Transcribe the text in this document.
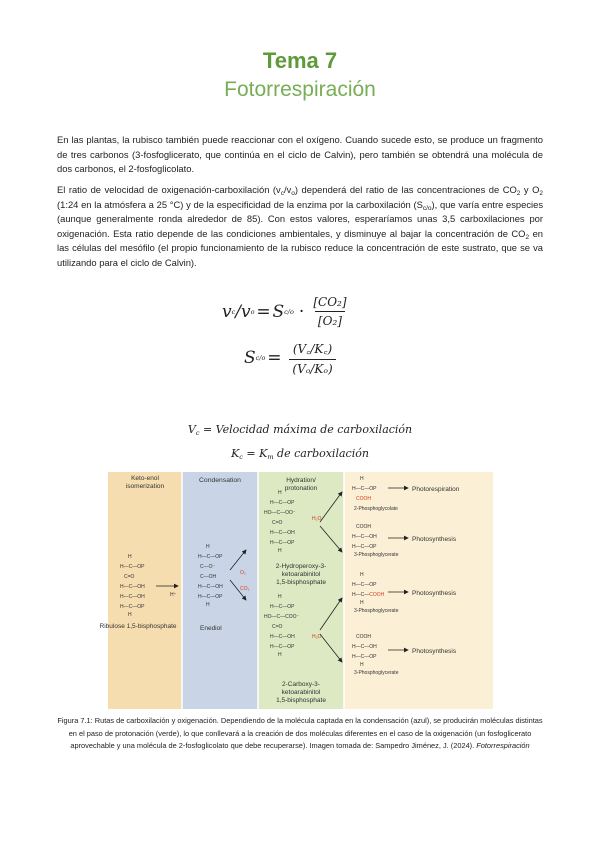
Tema 7
Fotorrespiración
En las plantas, la rubisco también puede reaccionar con el oxígeno. Cuando sucede esto, se produce un fragmento de tres carbonos (3-fosfoglicerato, que continúa en el ciclo de Calvin), pero también se obtendrá una molécula de dos carbonos, el 2-fosfoglicolato.
El ratio de velocidad de oxigenación-carboxilación $(v_c/v_o)$ dependerá del ratio de las concentraciones de $CO_2$ y $O_2$ (1:24 en la atmósfera a 25 °C) y de la especificidad de la enzima por la carboxilación $(S_{c/o})$, que varía entre especies (aunque generalmente ronda alrededor de 85). Con estos valores, esperaríamos unas 3,5 carboxilaciones por oxigenación. Esta ratio depende de las condiciones ambientales, y disminuye al bajar la concentración de $CO_2$ en las células del mesófilo (el propio funcionamiento de la rubisco reduce la concentración de este sustrato, que se va utilizando para el ciclo de Calvin).
v c /v o = S $c/o \cdot \frac{\text{[CO₂]}}{\text{[O₂]}}$
S $c/o = \frac{(V꜀/K꜀)}{\text{(Vₒ/Kₒ)}}$
$V_c$ = Velocidad máxima de carboxilación
$K_c = K_m$ de carboxilación
Keto-enol isomerization
Condensation	Hydration/ protonation
H
H—C—OP
C=O
H—C—OH
H—C—OH
H—C—OP
H
Ribulose 1,5-bisphosphate
H⁺
H
H—C—OP
C—O⁻
C—OH
H—C—OH
H—C—OP
H
Enediol
O₂
CO₂
H
H—C—OP
HO—C—OO⁻
C=O
H—C—OH
H—C—OP
H
2-Hydroperoxy-3-
ketoarabinitol
1,5-bisphosphate
H₂O
H
H—C—OP
HO—C—COO⁻
C=O
H—C—OH
H—C—OP
H
2-Carboxy-3-
ketoarabinitol
1,5-bisphosphate
H₂O
H
H—C—OP
COOH
2-Phosphoglycolate
Photorespiration
COOH
H—C—OH
H—C—OP
3-Phosphoglycerate
Photosynthesis
H
H—C—OP
H—C—COOH
H
3-Phosphoglycerate
Photosynthesis
COOH
H—C—OH
H—C—OP
H
3-Phosphoglycerate
Photosynthesis
Figura 7.1: Rutas de carboxilación y oxigenación. Dependiendo de la molécula captada en la condensación (azul), se producirán moléculas distintas en el paso de protonación (verde), lo que conllevará a la creación de dos moléculas diferentes en el caso de la oxigenación (un fosfoglicerato aprovechable y una molécula de 2-fosfoglicolato que debe recuperarse). Imagen tomada de: Sampedro Jiménez, J. (2024). Fotorrespiración
